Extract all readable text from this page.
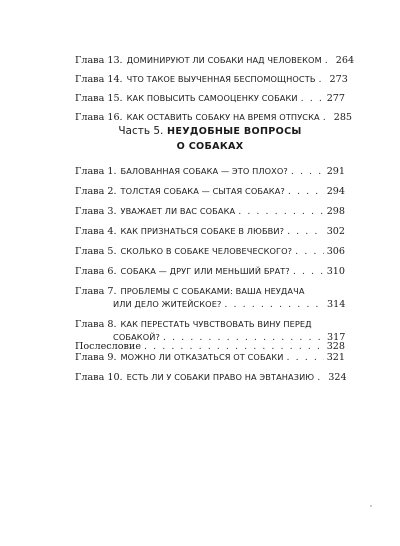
Глава 13. ДОМИНИРУЮТ ЛИ СОБАКИ НАД ЧЕЛОВЕКОМ . . . 264
Глава 14. ЧТО ТАКОЕ ВЫУЧЕННАЯ БЕСПОМОЩНОСТЬ . . . 273
Глава 15. КАК ПОВЫСИТЬ САМООЦЕНКУ СОБАКИ . . .	277
Глава 16. КАК ОСТАВИТЬ СОБАКУ НА ВРЕМЯ ОТПУСКА . . . 285
Часть 5. НЕУДОБНЫЕ ВОПРОСЫ
О СОБАКАХ
Глава 1. БАЛОВАННАЯ СОБАКА — ЭТО ПЛОХО? . . .	291
Глава 2. ТОЛСТАЯ СОБАКА — СЫТАЯ СОБАКА? . . .	294
Глава 3. УВАЖАЕТ ЛИ ВАС СОБАКА . . .	298
Глава 4. КАК ПРИЗНАТЬСЯ СОБАКЕ В ЛЮБВИ? . . .	302
Глава 5. СКОЛЬКО В СОБАКЕ ЧЕЛОВЕЧЕСКОГО? . . .	306
Глава 6. СОБАКА — ДРУГ ИЛИ МЕНЬШИЙ БРАТ? . . .	310
Глава 7. ПРОБЛЕМЫ С СОБАКАМИ: ВАША НЕУДАЧА
ИЛИ ДЕЛО ЖИТЕЙСКОЕ? . . .	314
Глава 8. КАК ПЕРЕСТАТЬ ЧУВСТВОВАТЬ ВИНУ ПЕРЕД
СОБАКОЙ? . . .	317
Глава 9. МОЖНО ЛИ ОТКАЗАТЬСЯ ОТ СОБАКИ . . .	321
Глава 10. ЕСТЬ ЛИ У СОБАКИ ПРАВО НА ЭВТАНАЗИЮ . . . 324
Послесловие . . .	328
